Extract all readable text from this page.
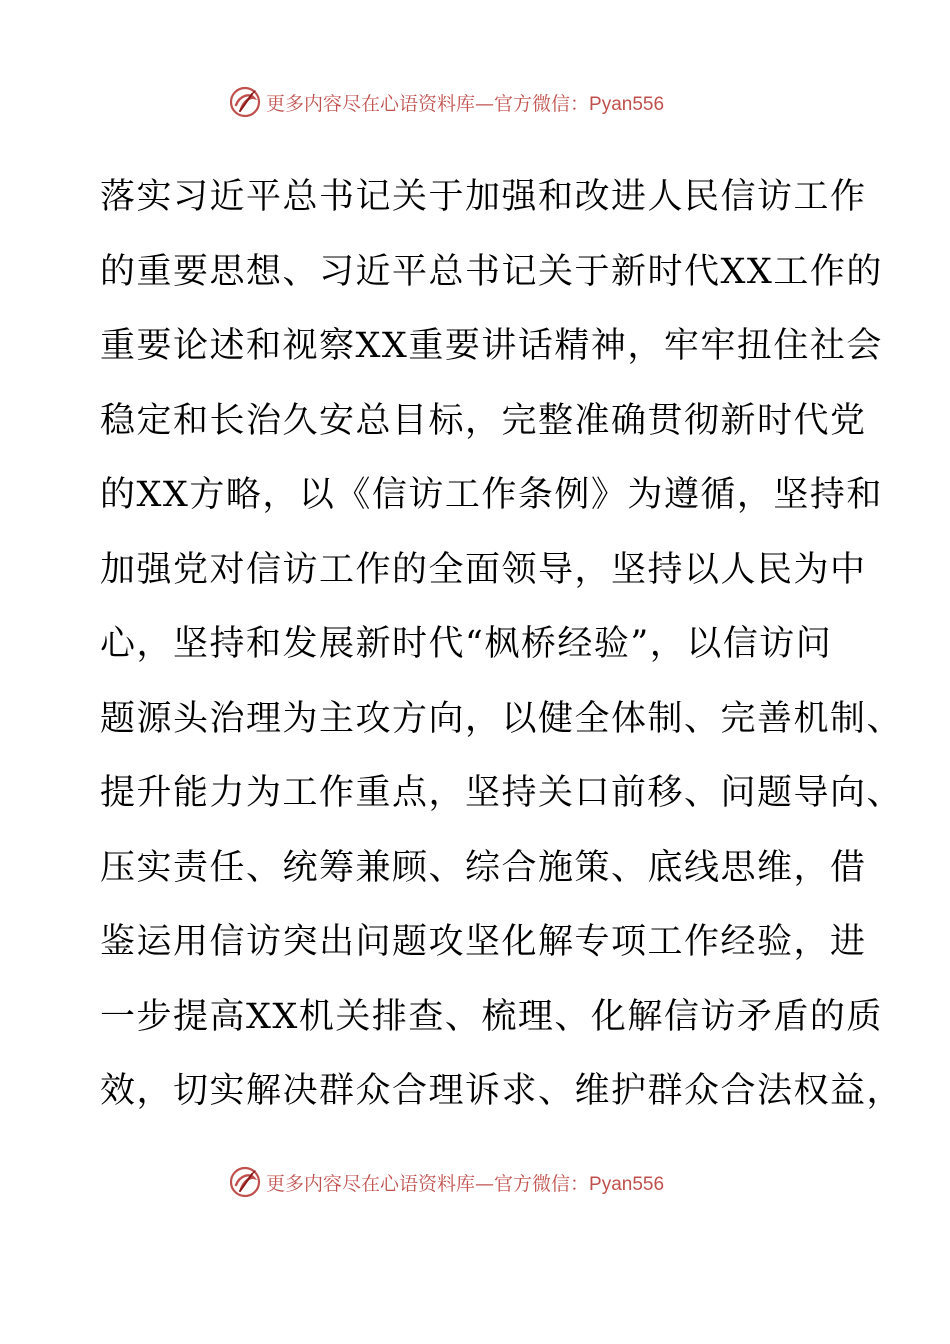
更多内容尽在心语资料库—官方微信：Pyan556
落实习近平总书记关于加强和改进人民信访工作
的重要思想、习近平总书记关于新时代XX工作的
重要论述和视察XX重要讲话精神，牢牢扭住社会
稳定和长治久安总目标，完整准确贯彻新时代党
的XX方略，以《信访工作条例》为遵循，坚持和
加强党对信访工作的全面领导，坚持以人民为中
心，坚持和发展新时代“枫桥经验”，以信访问
题源头治理为主攻方向，以健全体制、完善机制、
提升能力为工作重点，坚持关口前移、问题导向、
压实责任、统筹兼顾、综合施策、底线思维，借
鉴运用信访突出问题攻坚化解专项工作经验，进
一步提高XX机关排查、梳理、化解信访矛盾的质
效，切实解决群众合理诉求、维护群众合法权益，
更多内容尽在心语资料库—官方微信：Pyan556
